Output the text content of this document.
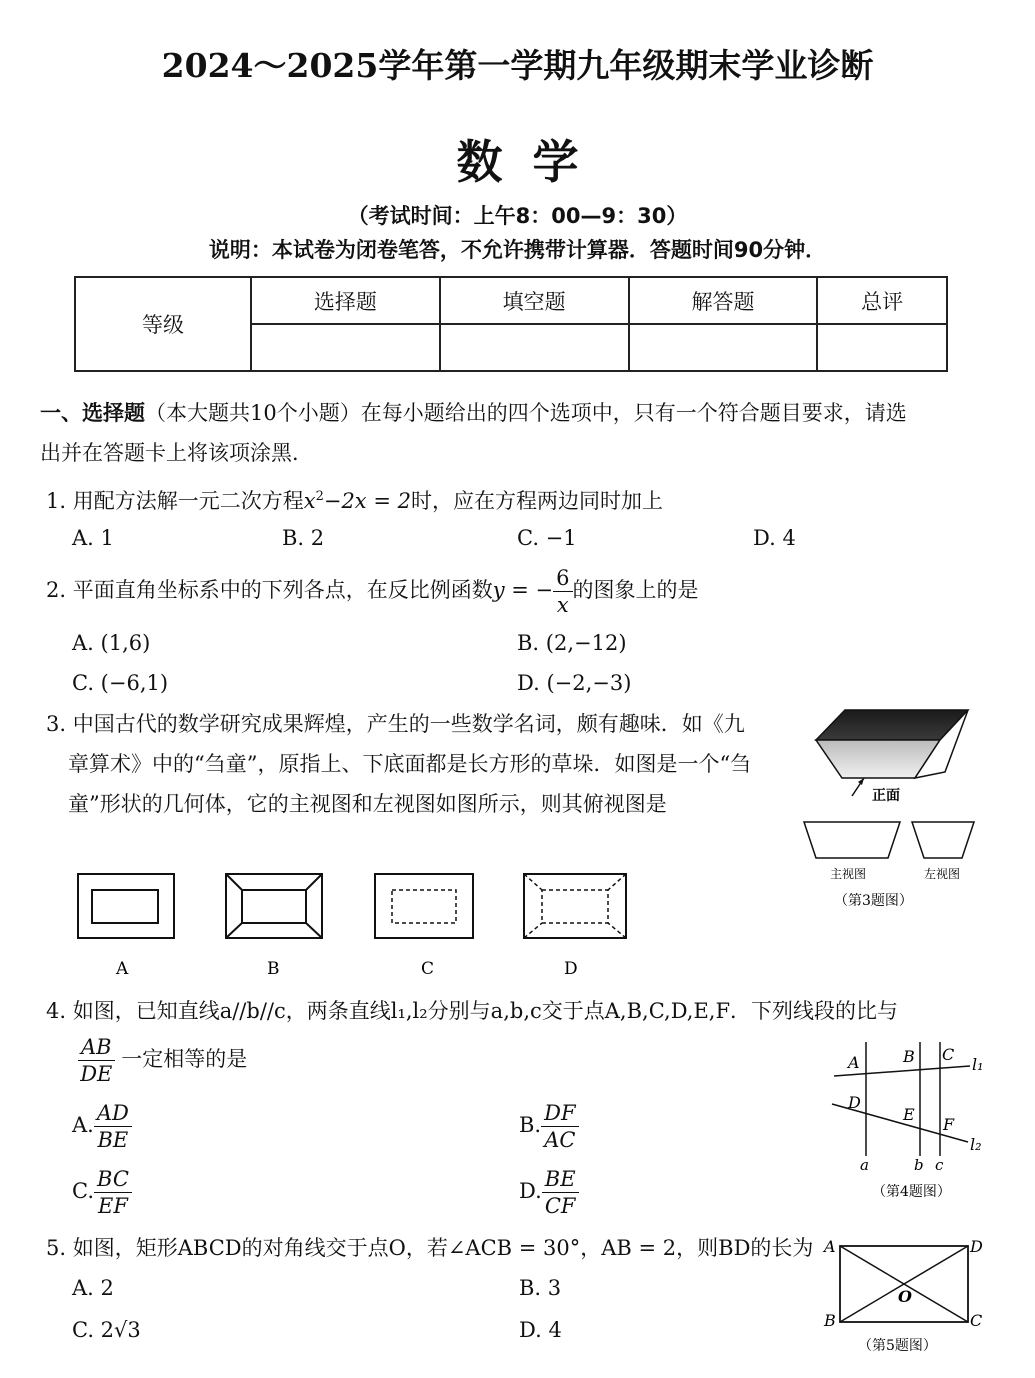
2024～2025学年第一学期九年级期末学业诊断
数学
（考试时间：上午8：00—9：30）
说明：本试卷为闭卷笔答，不允许携带计算器．答题时间90分钟．
等级	选择题	填空题	解答题	总评

一、选择题（本大题共10个小题）在每小题给出的四个选项中，只有一个符合题目要求，请选
出并在答题卡上将该项涂黑．
1. 用配方法解一元二次方程$x^2-2x = 2$时，应在方程两边同时加上
A. 1	B. 2	C. −1	D. 4
2. 平面直角坐标系中的下列各点，在反比例函数y = − $\frac{6}{x}$ 的图象上的是
A. (1,6)	B. (2,−12)
C. (−6,1)	D. (−2,−3)
3. 中国古代的数学研究成果辉煌，产生的一些数学名词，颇有趣味．如《九
章算术》中的“刍童”，原指上、下底面都是长方形的草垛．如图是一个“刍
童”形状的几何体，它的主视图和左视图如图所示，则其俯视图是	正面
主视图	左视图
（第3题图）
A	B	C	D
4. 如图，已知直线a//b//c，两条直线l₁,l₂分别与a,b,c交于点A,B,C,D,E,F．下列线段的比与
$\frac{AB}{DE}$ 一定相等的是
A. $\frac{AD}{BE}$	B. $\frac{DF}{AC}$
C. $\frac{BC}{EF}$	D. $\frac{BE}{CF}$
A	B C
D
E
F
l₁
l₂
a	b c
（第4题图）
5. 如图，矩形ABCD的对角线交于点O，若∠ACB = 30°，AB = 2，则BD的长为
A. 2	B. 3
C. 2√3	D. 4
A	D
B	C
O
（第5题图）
